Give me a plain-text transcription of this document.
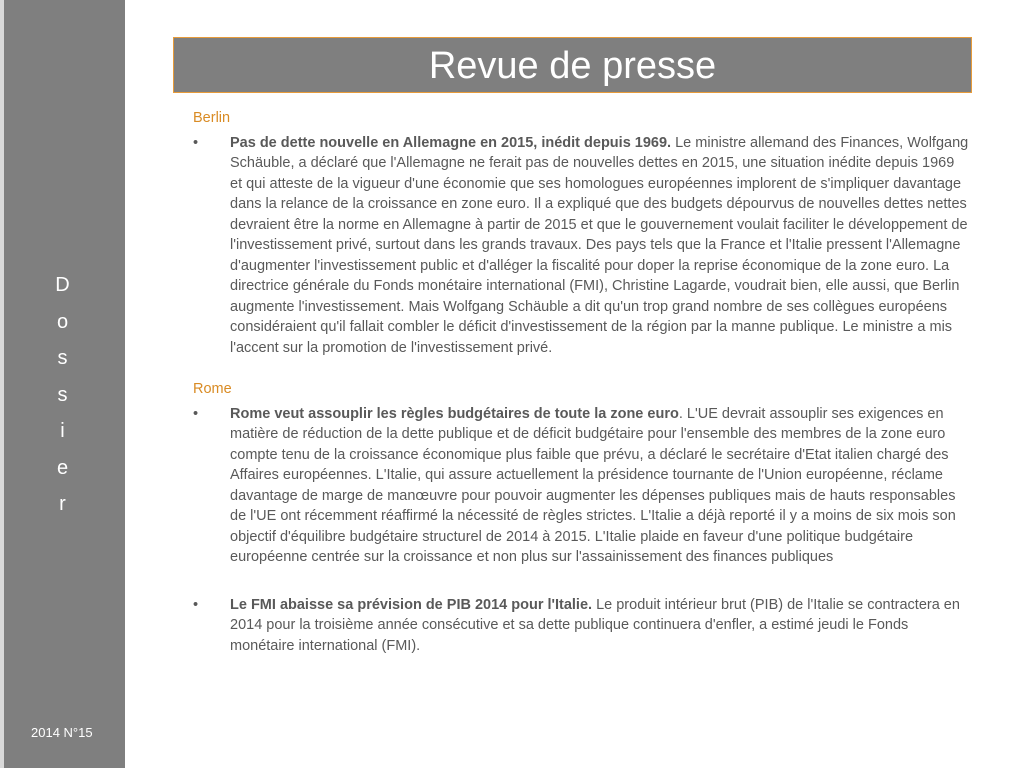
D
o
s
s
i
e
r
2014 N°15
Revue de presse
Berlin
• Pas de dette nouvelle en Allemagne en 2015, inédit depuis 1969. Le ministre allemand des Finances, Wolfgang Schäuble, a déclaré que l'Allemagne ne ferait pas de nouvelles dettes en 2015, une situation inédite depuis 1969 et qui atteste de la vigueur d'une économie que ses homologues européennes implorent de s'impliquer davantage dans la relance de la croissance en zone euro. Il a expliqué que des budgets dépourvus de nouvelles dettes nettes devraient être la norme en Allemagne à partir de 2015 et que le gouvernement voulait faciliter le développement de l'investissement privé, surtout dans les grands travaux. Des pays tels que la France et l'Italie pressent l'Allemagne d'augmenter l'investissement public et d'alléger la fiscalité pour doper la reprise économique de la zone euro. La directrice générale du Fonds monétaire international (FMI), Christine Lagarde, voudrait bien, elle aussi, que Berlin augmente l'investissement. Mais Wolfgang Schäuble a dit qu'un trop grand nombre de ses collègues européens considéraient qu'il fallait combler le déficit d'investissement de la région par la manne publique. Le ministre a mis l'accent sur la promotion de l'investissement privé.
Rome
• Rome veut assouplir les règles budgétaires de toute la zone euro. L'UE devrait assouplir ses exigences en matière de réduction de la dette publique et de déficit budgétaire pour l'ensemble des membres de la zone euro compte tenu de la croissance économique plus faible que prévu, a déclaré le secrétaire d'Etat italien chargé des Affaires européennes. L'Italie, qui assure actuellement la présidence tournante de l'Union européenne, réclame davantage de marge de manœuvre pour pouvoir augmenter les dépenses publiques mais de hauts responsables de l'UE ont récemment réaffirmé la nécessité de règles strictes. L'Italie a déjà reporté il y a moins de six mois son objectif d'équilibre budgétaire structurel de 2014 à 2015. L'Italie plaide en faveur d'une politique budgétaire européenne centrée sur la croissance et non plus sur l'assainissement des finances publiques
• Le FMI abaisse sa prévision de PIB 2014 pour l'Italie. Le produit intérieur brut (PIB) de l'Italie se contractera en 2014 pour la troisième année consécutive et sa dette publique continuera d'enfler, a estimé jeudi le Fonds monétaire international (FMI).
